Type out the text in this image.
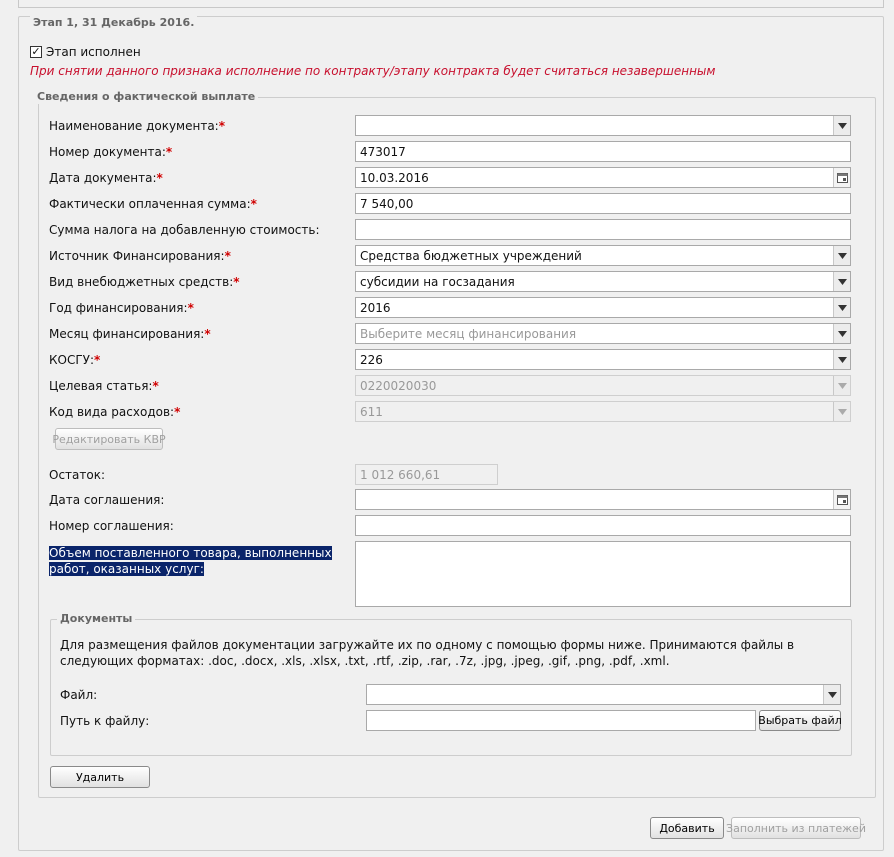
Этап 1, 31 Декабрь 2016.
✓ Этап исполнен
При снятии данного признака исполнение по контракту/этапу контракта будет считаться незавершенным
Сведения о фактической выплате
Наименование документа:*
Номер документа:*	473017
Дата документа:*	10.03.2016
Фактически оплаченная сумма:*	7 540,00
Сумма налога на добавленную стоимость:
Источник Финансирования:*	Средства бюджетных учреждений
Вид внебюджетных средств:*	субсидии на госзадания
Год финансирования:*	2016
Месяц финансирования:*	Выберите месяц финансирования
КОСГУ:*	226
Целевая статья:*	0220020030
Код вида расходов:*	611
Редактировать КВР
Остаток:	1 012 660,61
Дата соглашения:
Номер соглашения:
Объем поставленного товара, выполненных работ, оказанных услуг:
Документы
Для размещения файлов документации загружайте их по одному с помощью формы ниже. Принимаются файлы в следующих форматах: .doc, .docx, .xls, .xlsx, .txt, .rtf, .zip, .rar, .7z, .jpg, .jpeg, .gif, .png, .pdf, .xml.
Файл:
Путь к файлу:	Выбрать файл
Удалить
Добавить	Заполнить из платежей
